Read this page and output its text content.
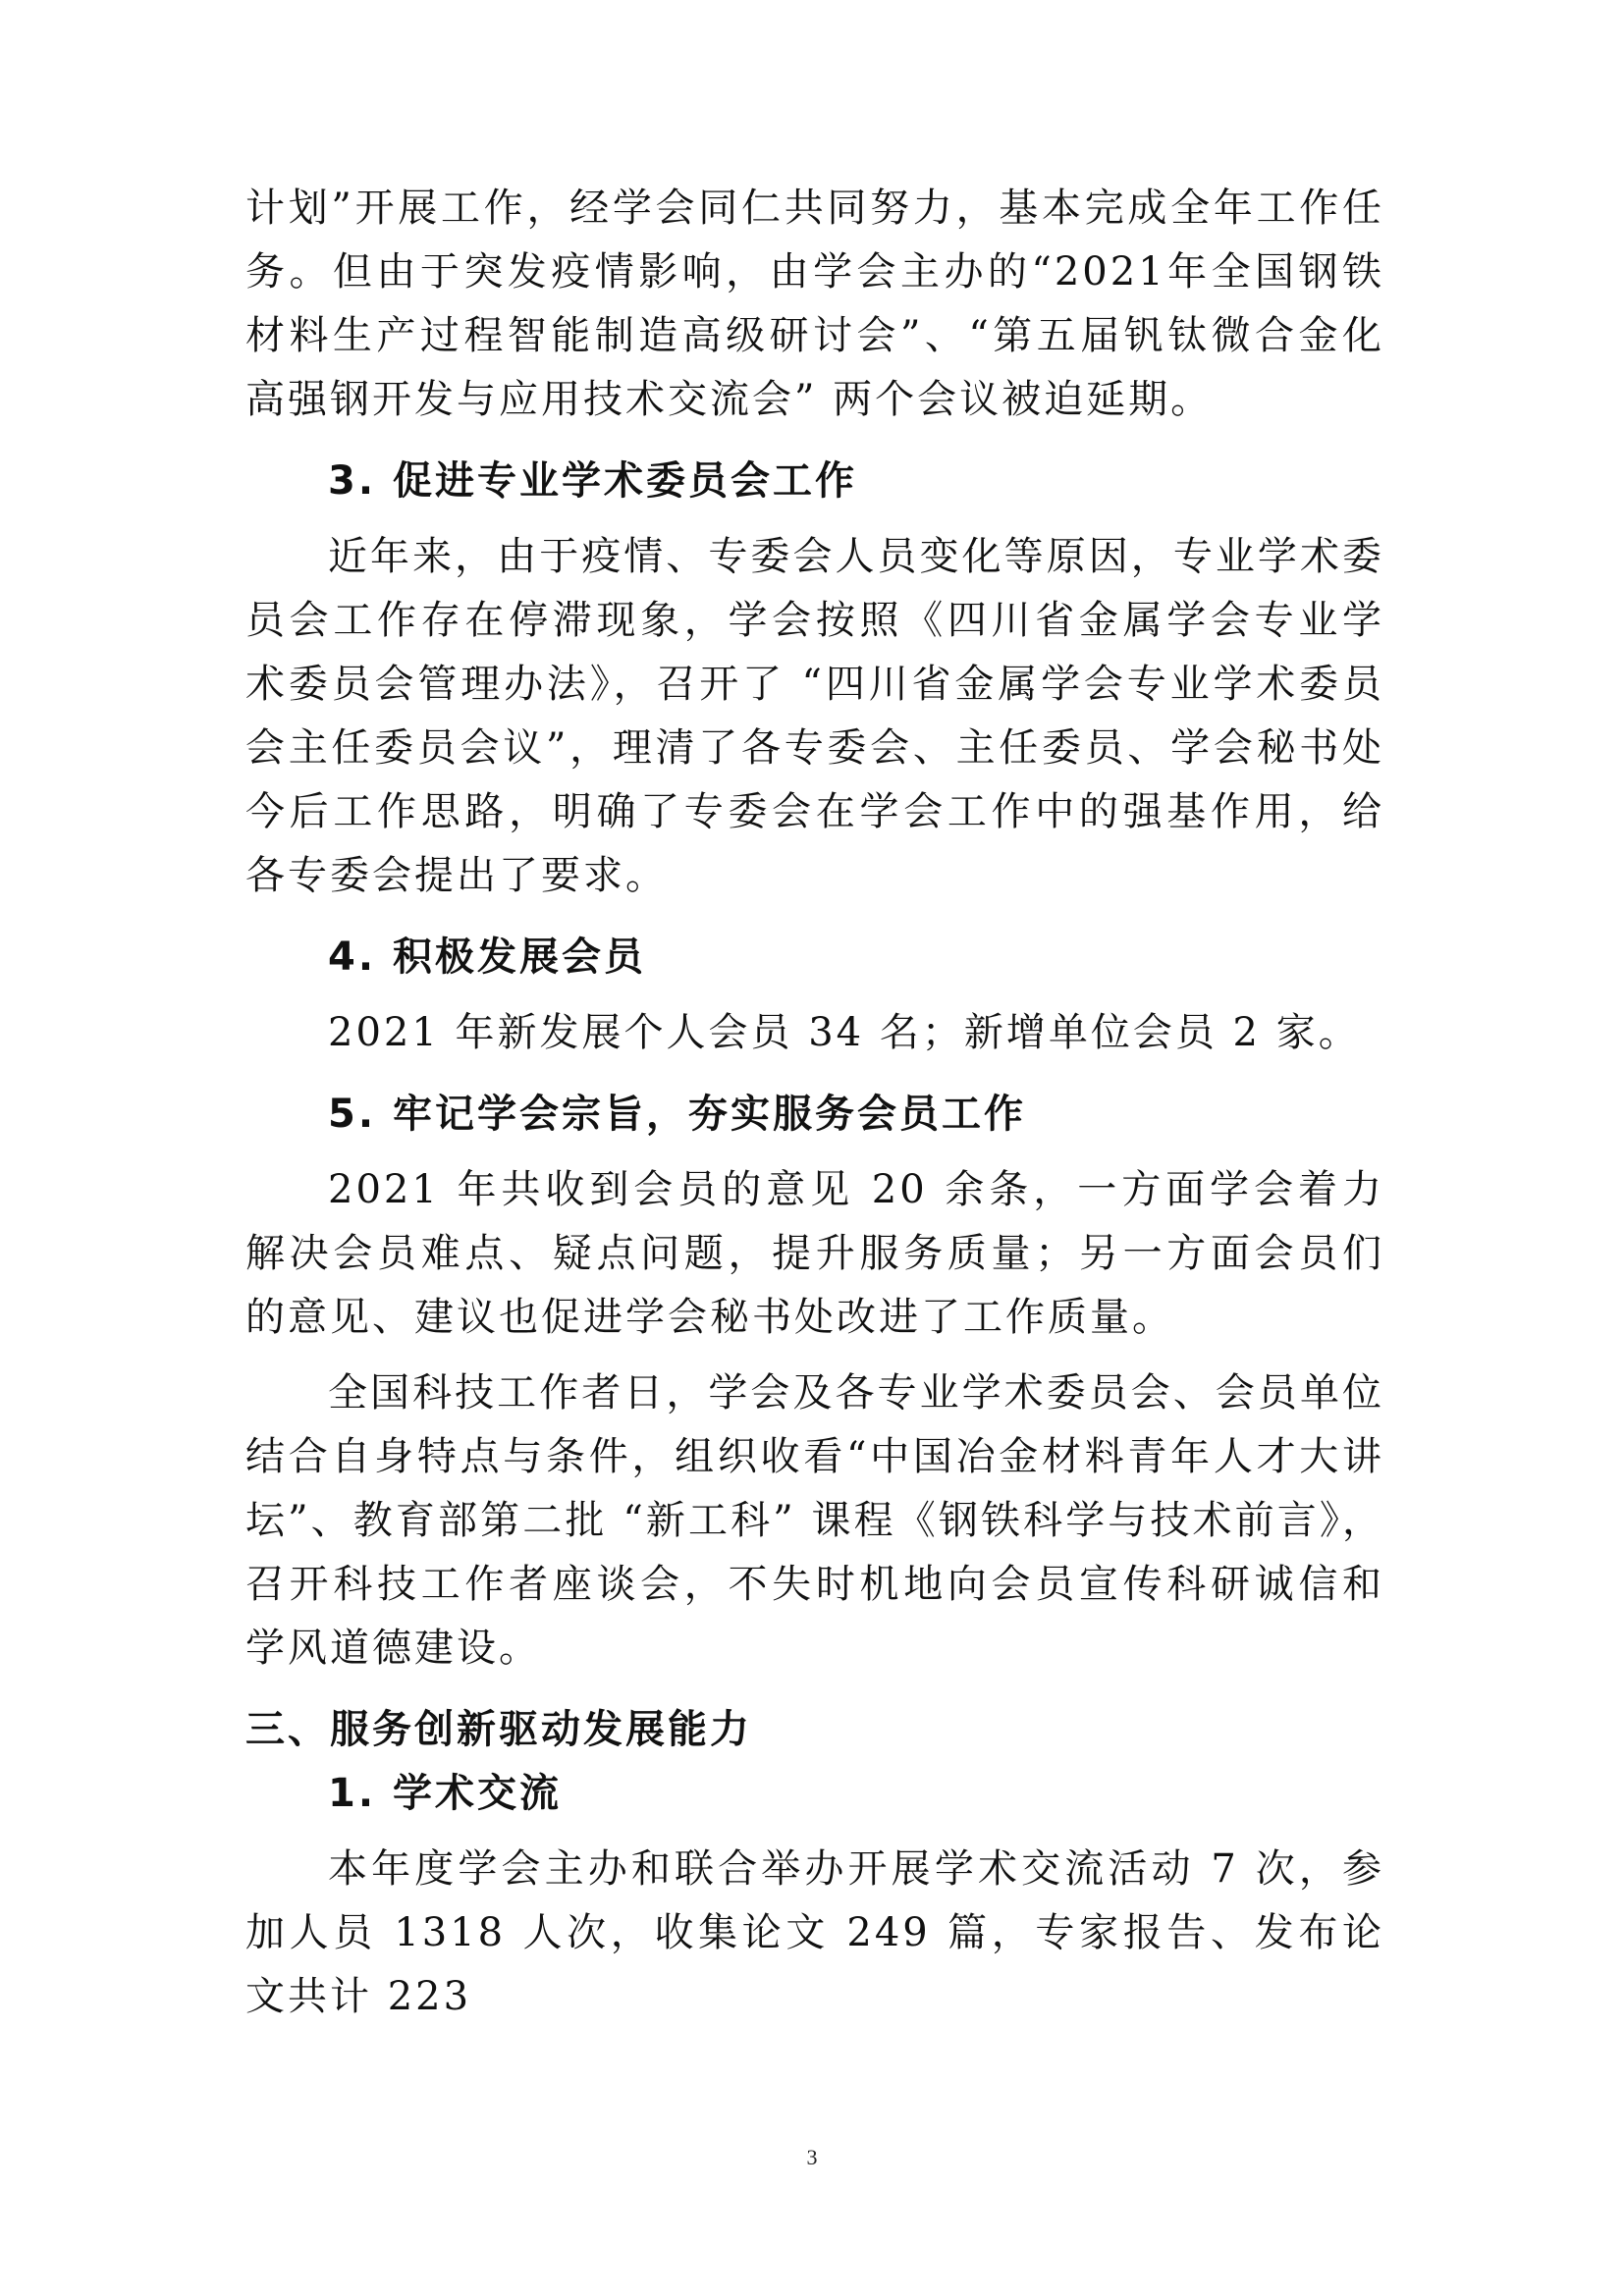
计划”开展工作，经学会同仁共同努力，基本完成全年工作任务。但由于突发疫情影响，由学会主办的“2021年全国钢铁材料生产过程智能制造高级研讨会”、“第五届钒钛微合金化高强钢开发与应用技术交流会” 两个会议被迫延期。

3. 促进专业学术委员会工作

近年来，由于疫情、专委会人员变化等原因，专业学术委员会工作存在停滞现象，学会按照《四川省金属学会专业学术委员会管理办法》，召开了 “四川省金属学会专业学术委员会主任委员会议”，理清了各专委会、主任委员、学会秘书处今后工作思路，明确了专委会在学会工作中的强基作用，给各专委会提出了要求。

4. 积极发展会员

2021 年新发展个人会员 34 名；新增单位会员 2 家。

5. 牢记学会宗旨，夯实服务会员工作

2021 年共收到会员的意见 20 余条，一方面学会着力解决会员难点、疑点问题，提升服务质量；另一方面会员们的意见、建议也促进学会秘书处改进了工作质量。

全国科技工作者日，学会及各专业学术委员会、会员单位结合自身特点与条件，组织收看“中国冶金材料青年人才大讲坛”、教育部第二批 “新工科” 课程《钢铁科学与技术前言》，召开科技工作者座谈会，不失时机地向会员宣传科研诚信和学风道德建设。

三、服务创新驱动发展能力
1. 学术交流

本年度学会主办和联合举办开展学术交流活动 7 次，参加人员 1318 人次，收集论文 249 篇，专家报告、发布论文共计 223

3
